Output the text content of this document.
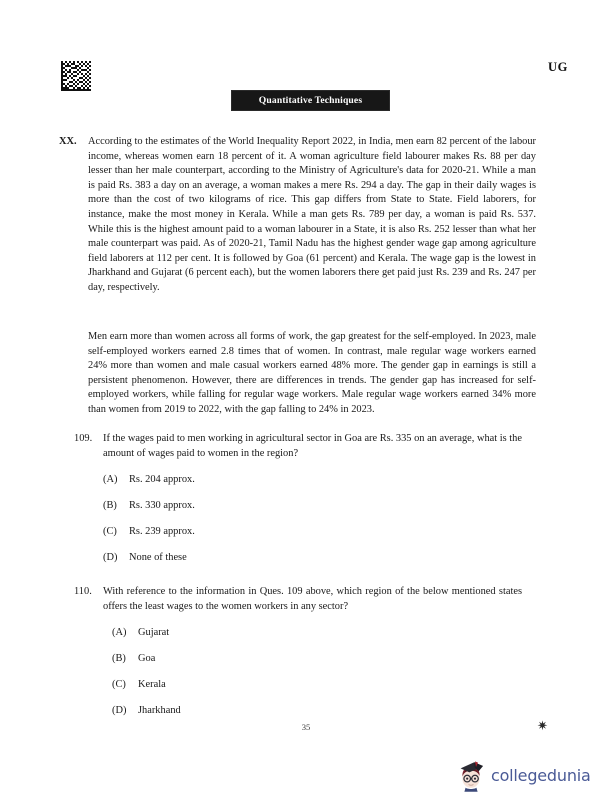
UG
Quantitative Techniques
XX.	According to the estimates of the World Inequality Report 2022, in India, men earn 82 percent of the labour income, whereas women earn 18 percent of it. A woman agriculture field labourer makes Rs. 88 per day lesser than her male counterpart, according to the Ministry of Agriculture's data for 2020-21. While a man is paid Rs. 383 a day on an average, a woman makes a mere Rs. 294 a day. The gap in their daily wages is more than the cost of two kilograms of rice. This gap differs from State to State. Field laborers, for instance, make the most money in Kerala. While a man gets Rs. 789 per day, a woman is paid Rs. 537. While this is the highest amount paid to a woman labourer in a State, it is also Rs. 252 lesser than what her male counterpart was paid. As of 2020-21, Tamil Nadu has the highest gender wage gap among agriculture field laborers at 112 per cent. It is followed by Goa (61 percent) and Kerala. The wage gap is the lowest in Jharkhand and Gujarat (6 percent each), but the women laborers there get paid just Rs. 239 and Rs. 247 per day, respectively.

Men earn more than women across all forms of work, the gap greatest for the self-employed. In 2023, male self-employed workers earned 2.8 times that of women. In contrast, male regular wage workers earned 24% more than women and male casual workers earned 48% more. The gender gap in earnings is still a persistent phenomenon. However, there are differences in trends. The gender gap has increased for self-employed workers, while falling for regular wage workers. Male regular wage workers earned 34% more than women from 2019 to 2022, with the gap falling to 24% in 2023.

109.	If the wages paid to men working in agricultural sector in Goa are Rs. 335 on an average, what is the amount of wages paid to women in the region?
(A)	Rs. 204 approx.
(B)	Rs. 330 approx.
(C)	Rs. 239 approx.
(D)	None of these
110.	With reference to the information in Ques. 109 above, which region of the below mentioned states offers the least wages to the women workers in any sector?
(A)	Gujarat
(B)	Goa
(C)	Kerala
(D)	Jharkhand
35	✷
collegedunia
